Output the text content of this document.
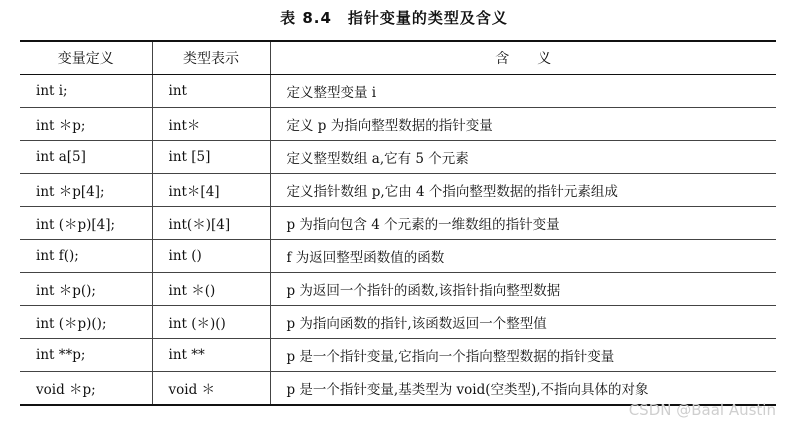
表 8.4　指针变量的类型及含义
变量定义	类型表示	含　　义
int i;	int	定义整型变量 i
int ＊p;	int＊	定义 p 为指向整型数据的指针变量
int a[5]	int [5]	定义整型数组 a,它有 5 个元素
int ＊p[4];	int＊[4]	定义指针数组 p,它由 4 个指向整型数据的指针元素组成
int (＊p)[4];	int(＊)[4]	p 为指向包含 4 个元素的一维数组的指针变量
int f();	int ()	f 为返回整型函数值的函数
int ＊p();	int ＊()	p 为返回一个指针的函数,该指针指向整型数据
int (＊p)();	int (＊)()	p 为指向函数的指针,该函数返回一个整型值
int **p;	int **	p 是一个指针变量,它指向一个指向整型数据的指针变量
void ＊p;	void ＊	p 是一个指针变量,基类型为 void(空类型),不指向具体的对象
CSDN @Baal Austin
